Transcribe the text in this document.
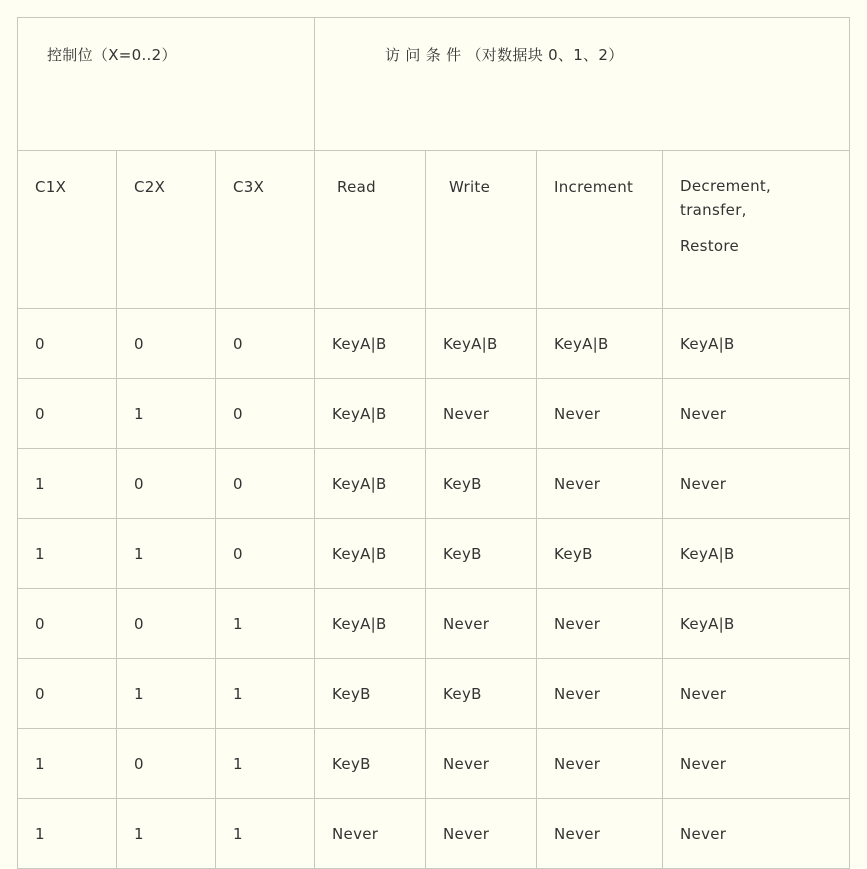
控制位（X=0..2）			访 问 条 件 （对数据块 0、1、2）			
C1X	C2X	C3X	Read	Write	Increment	Decrement,
transfer,
Restore

0	0	0	KeyA|B	KeyA|B	KeyA|B	KeyA|B
0	1	0	KeyA|B	Never	Never	Never
1	0	0	KeyA|B	KeyB	Never	Never
1	1	0	KeyA|B	KeyB	KeyB	KeyA|B
0	0	1	KeyA|B	Never	Never	KeyA|B
0	1	1	KeyB	KeyB	Never	Never
1	0	1	KeyB	Never	Never	Never
1	1	1	Never	Never	Never	Never
